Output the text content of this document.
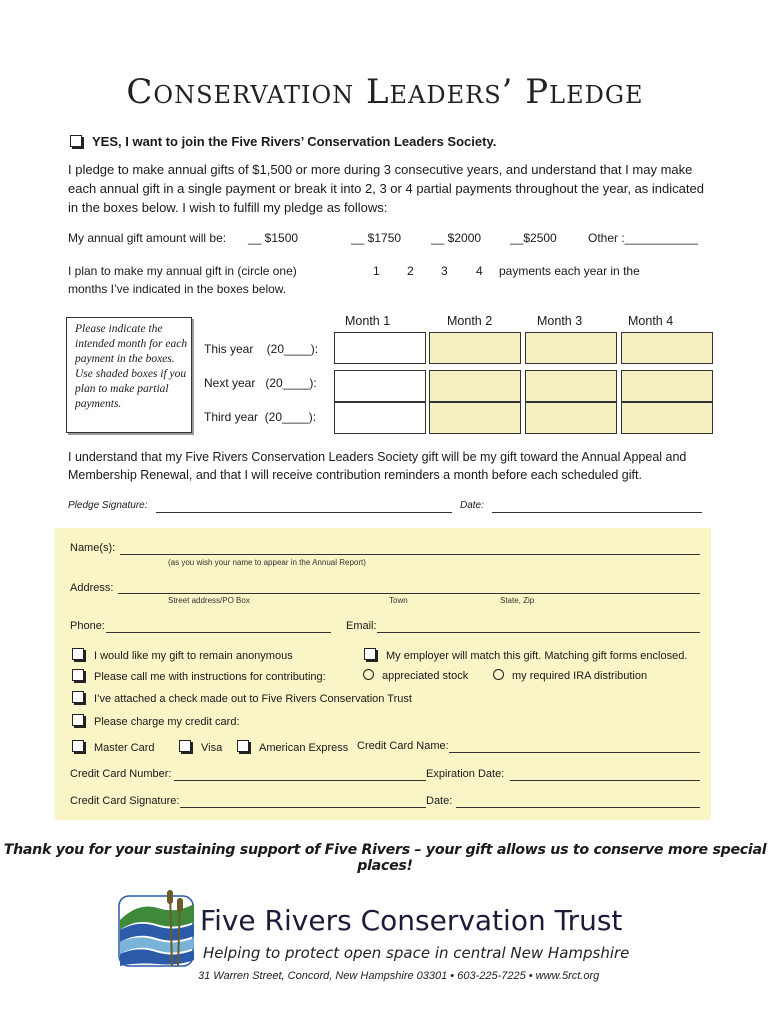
Conservation Leaders’ Pledge
YES, I want to join the Five Rivers’ Conservation Leaders Society.
I pledge to make annual gifts of $1,500 or more during 3 consecutive years, and understand that I may make each annual gift in a single payment or break it into 2, 3 or 4 partial payments throughout the year, as indicated in the boxes below. I wish to fulfill my pledge as follows:
My annual gift amount will be: __ $1500	__ $1750 __ $2000 __$2500	Other :___________
I plan to make my annual gift in (circle one)
months I’ve indicated in the boxes below.
1 2 3 4 payments each year in the
Please indicate the intended month for each payment in the boxes. Use shaded boxes if you plan to make partial payments.
Month 1	Month 2	Month 3	Month 4
This year    (20____):
Next year   (20____):
Third year  (20____):
I understand that my Five Rivers Conservation Leaders Society gift will be my gift toward the Annual Appeal and Membership Renewal, and that I will receive contribution reminders a month before each scheduled gift.
Pledge Signature:	Date:
Name(s):
(as you wish your name to appear in the Annual Report)
Address:
Street address/PO Box	Town	State, Zip
Phone:	Email:
I would like my gift to remain anonymous	My employer will match this gift. Matching gift forms enclosed.
Please call me with instructions for contributing:	appreciated stock	my required IRA distribution
I’ve attached a check made out to Five Rivers Conservation Trust
Please charge my credit card:
Master Card	Visa	American Express Credit Card Name:
Credit Card Number:	Expiration Date:
Credit Card Signature:	Date:
Thank you for your sustaining support of Five Rivers – your gift allows us to conserve more special places!
Five Rivers Conservation Trust
Helping to protect open space in central New Hampshire
31 Warren Street, Concord, New Hampshire 03301 • 603-225-7225 • www.5rct.org
